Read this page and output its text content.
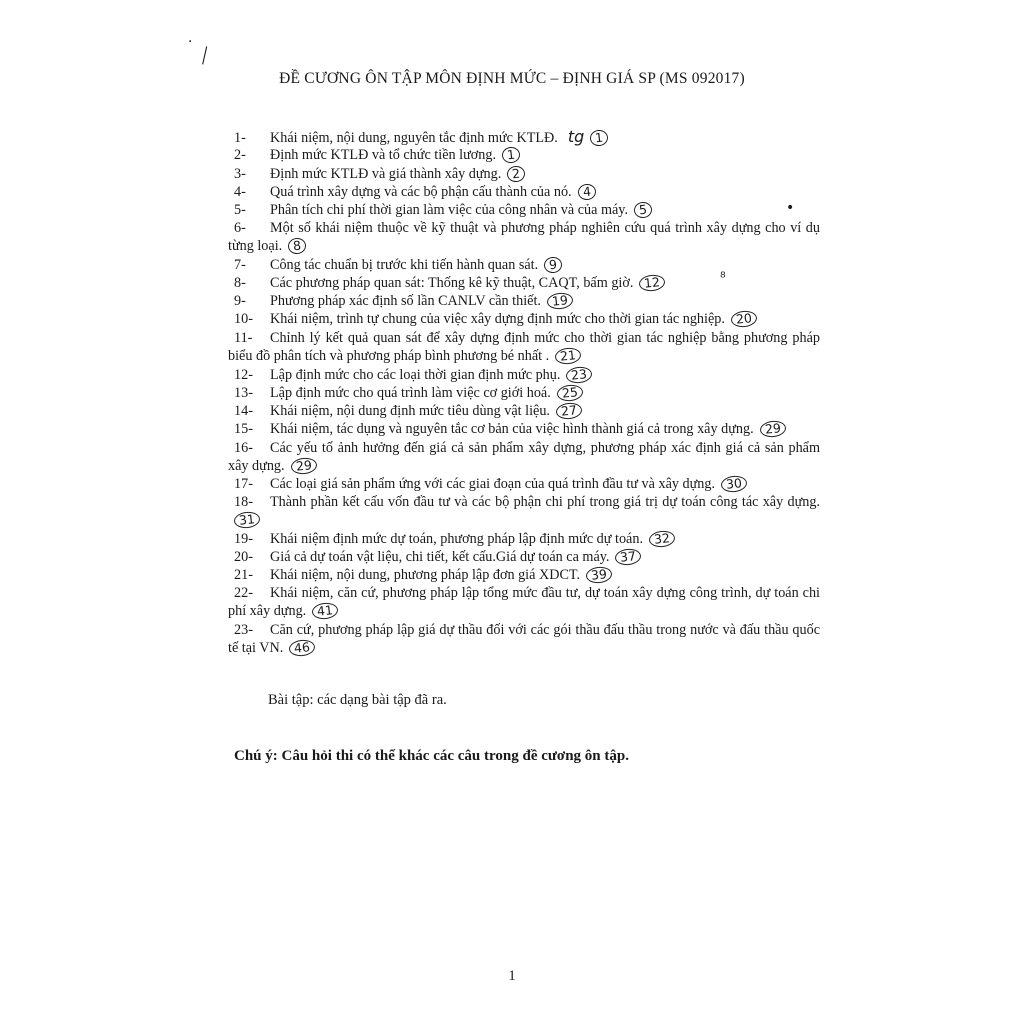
·
╲
ĐỀ CƯƠNG ÔN TẬP MÔN ĐỊNH MỨC – ĐỊNH GIÁ SP (MS 092017)
1- Khái niệm, nội dung, nguyên tắc định mức KTLĐ. tg 1
2- Định mức KTLĐ và tổ chức tiền lương. 1
3- Định mức KTLĐ và giá thành xây dựng. 2
4- Quá trình xây dựng và các bộ phận cấu thành của nó. 4
5- Phân tích chi phí thời gian làm việc của công nhân và của máy. 5
6- Một số khái niệm thuộc về kỹ thuật và phương pháp nghiên cứu quá trình xây dựng cho ví dụ từng loại. 8
7- Công tác chuẩn bị trước khi tiến hành quan sát. 9
8- Các phương pháp quan sát: Thống kê kỹ thuật, CAQT, bấm giờ. 12
9- Phương pháp xác định số lần CANLV cần thiết. 19
10- Khái niệm, trình tự chung của việc xây dựng định mức cho thời gian tác nghiệp. 20
11- Chỉnh lý kết quả quan sát để xây dựng định mức cho thời gian tác nghiệp bằng phương pháp biểu đồ phân tích và phương pháp bình phương bé nhất . 21
12- Lập định mức cho các loại thời gian định mức phụ. 23
13- Lập định mức cho quá trình làm việc cơ giới hoá. 25
14- Khái niệm, nội dung định mức tiêu dùng vật liệu. 27
15- Khái niệm, tác dụng và nguyên tắc cơ bản của việc hình thành giá cả trong xây dựng. 29
16- Các yếu tố ảnh hưởng đến giá cả sản phẩm xây dựng, phương pháp xác định giá cả sản phẩm xây dựng. 29
17- Các loại giá sản phẩm ứng với các giai đoạn của quá trình đầu tư và xây dựng. 30
18- Thành phần kết cấu vốn đầu tư và các bộ phận chi phí trong giá trị dự toán công tác xây dựng.31
19- Khái niệm định mức dự toán, phương pháp lập định mức dự toán. 32
20- Giá cả dự toán vật liệu, chi tiết, kết cấu.Giá dự toán ca máy. 37
21- Khái niệm, nội dung, phương pháp lập đơn giá XDCT. 39
22- Khái niệm, căn cứ, phương pháp lập tổng mức đầu tư, dự toán xây dựng công trình, dự toán chi phí xây dựng. 41
23- Căn cứ, phương pháp lập giá dự thầu đối với các gói thầu đấu thầu trong nước và đấu thầu quốc tế tại VN. 46
⁸
•
Bài tập: các dạng bài tập đã ra.
Chú ý: Câu hỏi thi có thể khác các câu trong đề cương ôn tập.
1
